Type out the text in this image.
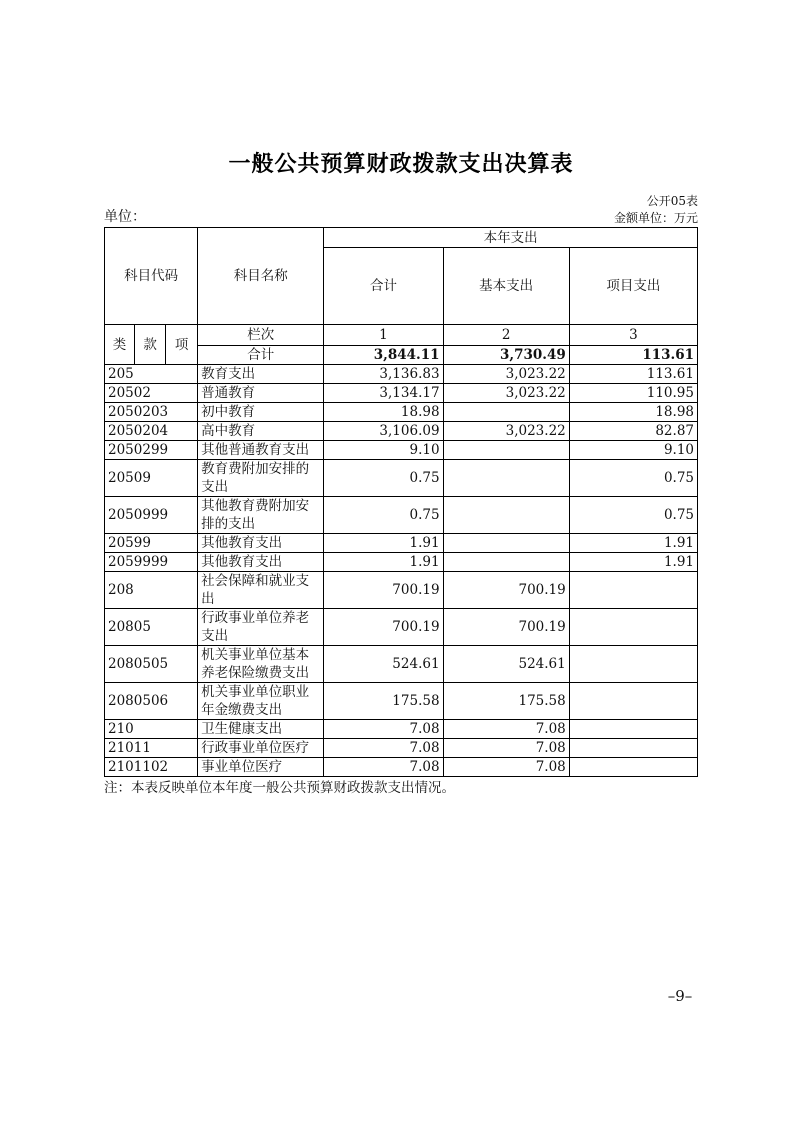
一般公共预算财政拨款支出决算表
公开05表
单位：	金额单位：万元
科目代码			科目名称	本年支出		
				合计	基本支出	项目支出
类	款	项	栏次	1	2	3
			合计	3,844.11	3,730.49	113.61
205			教育支出	3,136.83	3,023.22	113.61
20502			普通教育	3,134.17	3,023.22	110.95
2050203			初中教育	18.98		18.98
2050204			高中教育	3,106.09	3,023.22	82.87
2050299			其他普通教育支出	9.10		9.10
20509			教育费附加安排的支出	0.75		0.75
2050999			其他教育费附加安排的支出	0.75		0.75
20599			其他教育支出	1.91		1.91
2059999			其他教育支出	1.91		1.91
208			社会保障和就业支出	700.19	700.19	
20805			行政事业单位养老支出	700.19	700.19	
2080505			机关事业单位基本养老保险缴费支出	524.61	524.61	
2080506			机关事业单位职业年金缴费支出	175.58	175.58	
210			卫生健康支出	7.08	7.08	
21011			行政事业单位医疗	7.08	7.08	
2101102			事业单位医疗	7.08	7.08	
注：本表反映单位本年度一般公共预算财政拨款支出情况。
–9–
